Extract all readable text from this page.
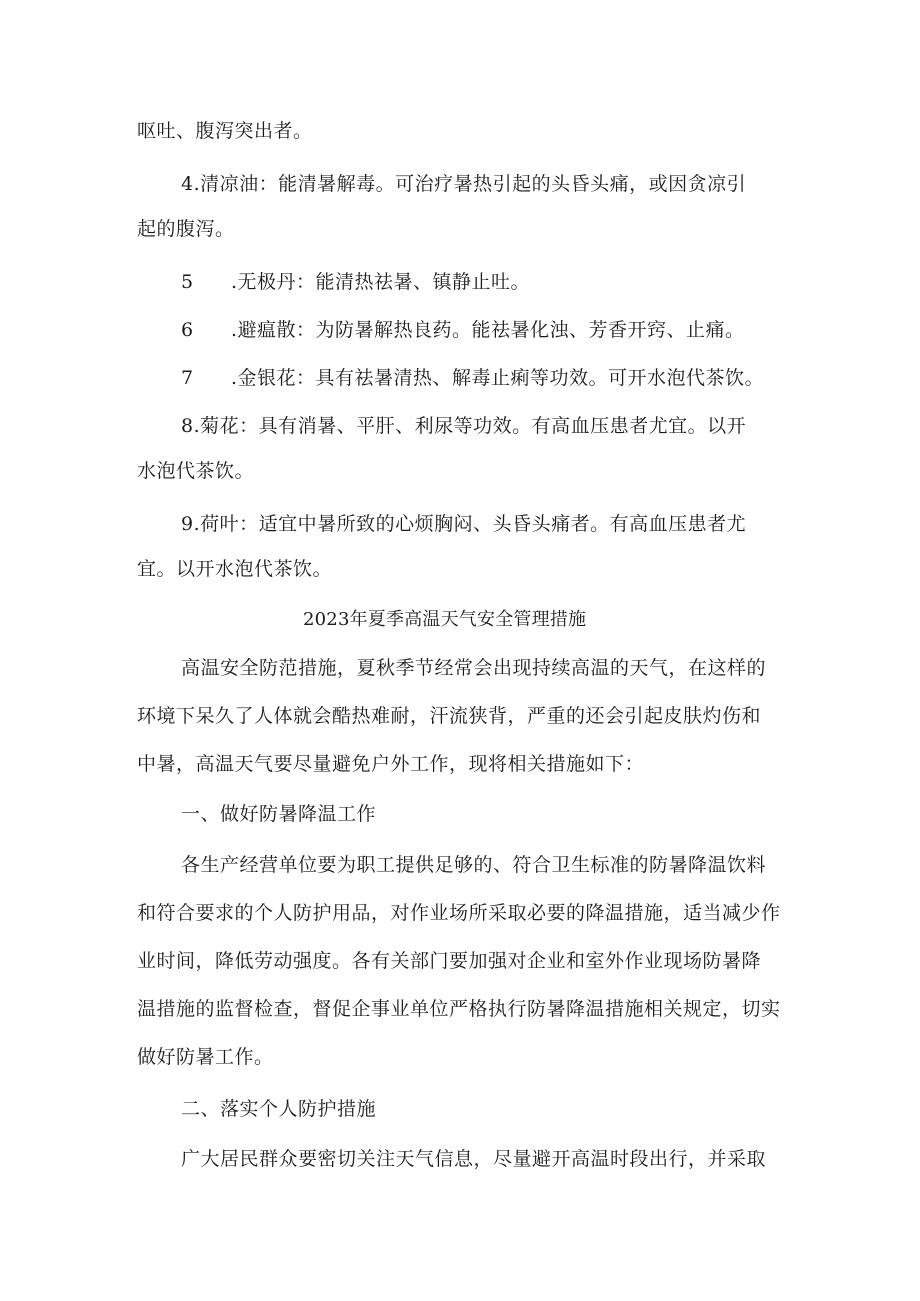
呕吐、腹泻突出者。
4.清凉油：能清暑解毒。可治疗暑热引起的头昏头痛，或因贪凉引
起的腹泻。
5 .无极丹：能清热祛暑、镇静止吐。
6 .避瘟散：为防暑解热良药。能祛暑化浊、芳香开窍、止痛。
7 .金银花：具有祛暑清热、解毒止痢等功效。可开水泡代茶饮。
8.菊花：具有消暑、平肝、利尿等功效。有高血压患者尤宜。以开
水泡代茶饮。
9.荷叶：适宜中暑所致的心烦胸闷、头昏头痛者。有高血压患者尤
宜。以开水泡代茶饮。
2023年夏季高温天气安全管理措施
高温安全防范措施，夏秋季节经常会出现持续高温的天气，在这样的
环境下呆久了人体就会酷热难耐，汗流狭背，严重的还会引起皮肤灼伤和
中暑，高温天气要尽量避免户外工作，现将相关措施如下：
一、做好防暑降温工作
各生产经营单位要为职工提供足够的、符合卫生标准的防暑降温饮料
和符合要求的个人防护用品，对作业场所采取必要的降温措施，适当减少作
业时间，降低劳动强度。各有关部门要加强对企业和室外作业现场防暑降
温措施的监督检查，督促企事业单位严格执行防暑降温措施相关规定，切实
做好防暑工作。
二、落实个人防护措施
广大居民群众要密切关注天气信息，尽量避开高温时段出行，并采取
